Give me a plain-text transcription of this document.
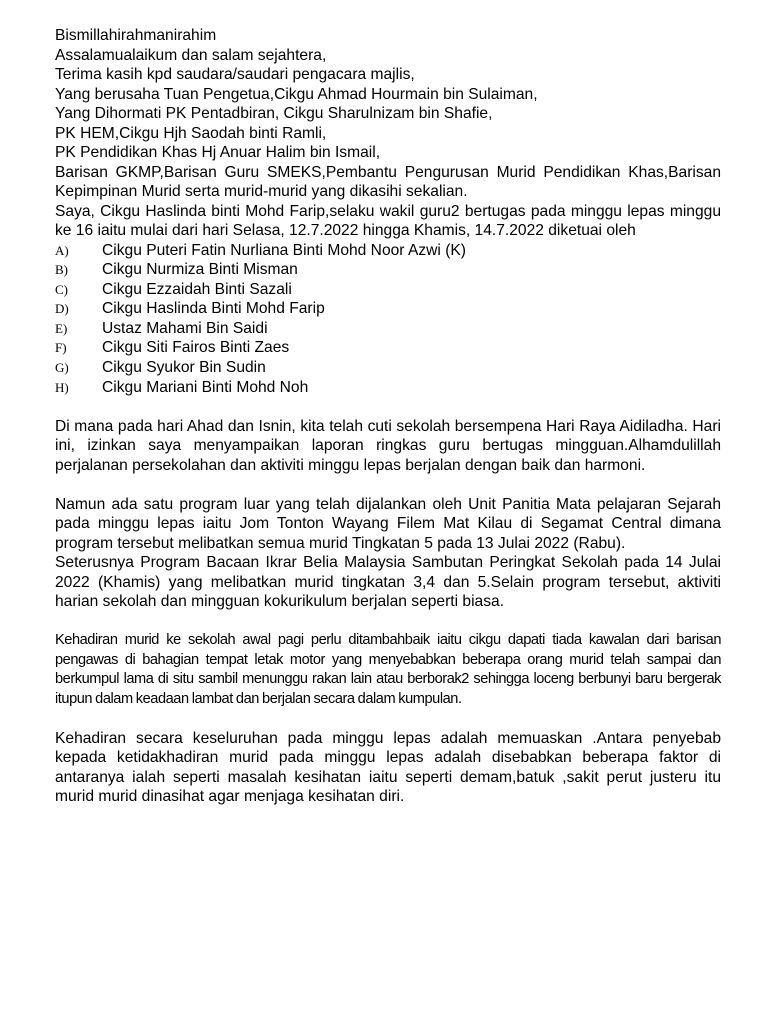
Bismillahirahmanirahim
Assalamualaikum dan salam sejahtera,
Terima kasih kpd saudara/saudari pengacara majlis,
Yang berusaha Tuan Pengetua,Cikgu Ahmad Hourmain bin Sulaiman,
Yang Dihormati PK Pentadbiran, Cikgu Sharulnizam bin Shafie,
PK HEM,Cikgu Hjh Saodah binti Ramli,
PK Pendidikan Khas Hj Anuar Halim bin Ismail,

Barisan GKMP,Barisan Guru SMEKS,Pembantu Pengurusan Murid Pendidikan Khas,Barisan Kepimpinan Murid serta murid-murid yang dikasihi sekalian.

Saya, Cikgu Haslinda binti Mohd Farip,selaku wakil guru2 bertugas pada minggu lepas minggu ke 16 iaitu mulai dari hari Selasa, 12.7.2022 hingga Khamis, 14.7.2022 diketuai oleh

A) Cikgu Puteri Fatin Nurliana Binti Mohd Noor Azwi (K)
B) Cikgu Nurmiza Binti Misman
C) Cikgu Ezzaidah Binti Sazali
D) Cikgu Haslinda Binti Mohd Farip
E) Ustaz Mahami Bin Saidi
F) Cikgu Siti Fairos Binti Zaes
G) Cikgu Syukor Bin Sudin
H) Cikgu Mariani Binti Mohd Noh

Di mana pada hari Ahad dan Isnin, kita telah cuti sekolah bersempena Hari Raya Aidiladha. Hari ini, izinkan saya menyampaikan laporan ringkas guru bertugas mingguan.Alhamdulillah perjalanan persekolahan dan aktiviti minggu lepas berjalan dengan baik dan harmoni.

Namun ada satu program luar yang telah dijalankan oleh Unit Panitia Mata pelajaran Sejarah pada minggu lepas iaitu Jom Tonton Wayang Filem Mat Kilau di Segamat Central dimana program tersebut melibatkan semua murid Tingkatan 5 pada 13 Julai 2022 (Rabu).

Seterusnya Program Bacaan Ikrar Belia Malaysia Sambutan Peringkat Sekolah pada 14 Julai 2022 (Khamis) yang melibatkan murid tingkatan 3,4 dan 5.Selain program tersebut, aktiviti harian sekolah dan mingguan kokurikulum berjalan seperti biasa.

Kehadiran murid ke sekolah awal pagi perlu ditambahbaik iaitu cikgu dapati tiada kawalan dari barisan pengawas di bahagian tempat letak motor yang menyebabkan beberapa orang murid telah sampai dan berkumpul lama di situ sambil menunggu rakan lain atau berborak2 sehingga loceng berbunyi baru bergerak itupun dalam keadaan lambat dan berjalan secara dalam kumpulan.

Kehadiran secara keseluruhan pada minggu lepas adalah memuaskan .Antara penyebab kepada ketidakhadiran murid pada minggu lepas adalah disebabkan beberapa faktor di antaranya ialah seperti masalah kesihatan iaitu seperti demam,batuk ,sakit perut justeru itu murid murid dinasihat agar menjaga kesihatan diri.
